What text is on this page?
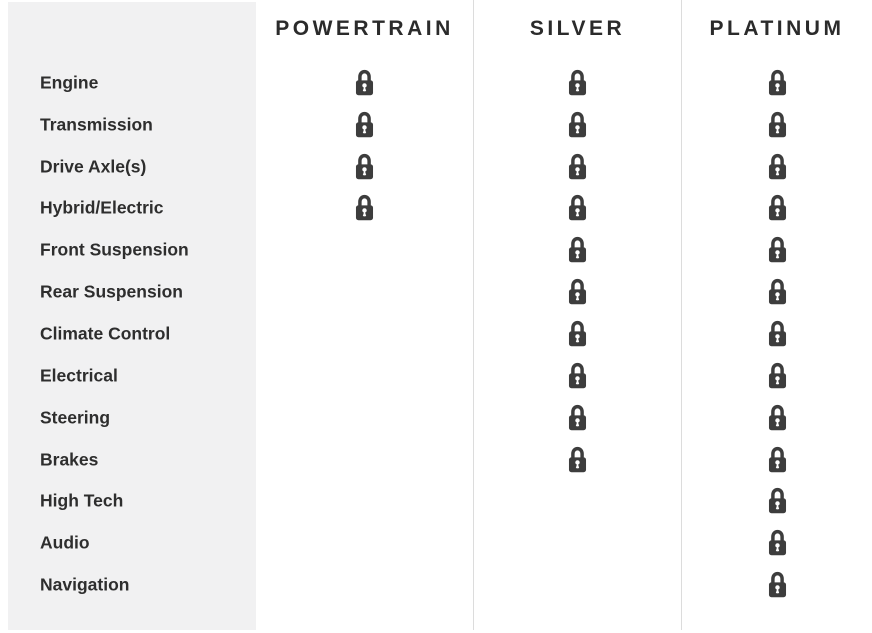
POWERTRAIN	SILVER	PLATINUM
Engine
Transmission
Drive Axle(s)
Hybrid/Electric
Front Suspension
Rear Suspension
Climate Control
Electrical
Steering
Brakes
High Tech
Audio
Navigation
